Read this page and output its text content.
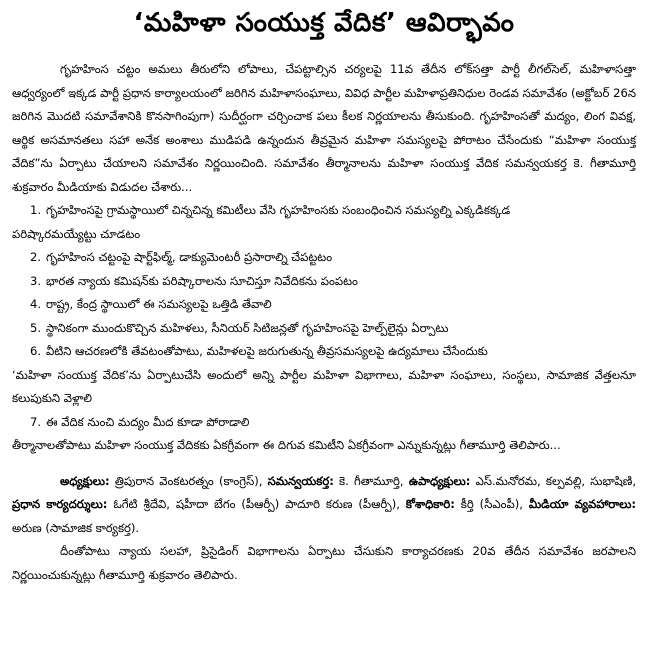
‘మహిళా సంయుక్త వేదిక’ ఆవిర్భావం

గృహహింస చట్టం అమలు తీరులోని లోపాలు, చేపట్టాల్సిన చర్యలపై 11వ తేదీన లోక్‌సత్తా పార్టీ లీగల్‌సెల్, మహిళాసత్తా ఆధ్వర్యంలో ఇక్కడ పార్టీ ప్రధాన కార్యాలయంలో జరిగిన మహిళాసంఘాలు, వివిధ పార్టీల మహిళాప్రతినిధుల రెండవ సమావేశం (అక్టోబర్ 26న జరిగిన మొదటి సమావేశానికి కొనసాగింపుగా) సుదీర్ఘంగా చర్చించాక పలు కీలక నిర్ణయాలను తీసుకుంది. గృహహింసతో మద్యం, లింగ వివక్ష, ఆర్థిక అసమానతలు సహా అనేక అంశాలు ముడిపడి ఉన్నందున తీవ్రమైన మహిళా సమస్యలపై పోరాటం చేసేందుకు “మహిళా సంయుక్త వేదిక”ను ఏర్పాటు చేయాలని సమావేశం నిర్ణయించింది. సమావేశం తీర్మానాలను మహిళా సంయుక్త వేదిక సమన్వయకర్త కె. గీతామూర్తి శుక్రవారం మీడియాకు విడుదల చేశారు...

1. గృహహింసపై గ్రామస్థాయిలో చిన్నచిన్న కమిటీలు వేసి గృహహింసకు సంబంధించిన సమస్యల్ని ఎక్కడికక్కడ
పరిష్కారమయ్యేట్టు చూడటం
2. గృహహింస చట్టంపై షార్ట్‌ఫిల్మ్, డాక్యుమెంటరీ ప్రసారాల్ని చేపట్టటం
3. భారత న్యాయ కమిషన్‌కు పరిష్కారాలను సూచిస్తూ నివేదికను పంపటం
4. రాష్ట్ర, కేంద్ర స్థాయిలో ఈ సమస్యలపై ఒత్తిడి తేవాలి
5. స్థానికంగా ముందుకొచ్చిన మహిళలు, సీనియర్ సిటిజన్లతో గృహహింసపై హెల్ప్‌లైన్లు ఏర్పాటు
6. వీటిని ఆచరణలోకి తేవటంతోపాటు, మహిళలపై జరుగుతున్న తీవ్రసమస్యలపై ఉద్యమాలు చేసేందుకు
‘మహిళా సంయుక్త వేదిక’ను ఏర్పాటుచేసి అందులో అన్ని పార్టీల మహిళా విభాగాలు, మహిళా సంఘాలు, సంస్థలు, సామాజిక వేత్తలనూ కలుపుకుని వెళ్లాలి
7. ఈ వేదిక నుంచి మద్యం మీద కూడా పోరాడాలి

తీర్మానాలతోపాటు మహిళా సంయుక్త వేదికకు ఏకగ్రీవంగా ఈ దిగువ కమిటీని ఏకగ్రీవంగా ఎన్నుకున్నట్లు గీతామూర్తి తెలిపారు...

అధ్యక్షులు: త్రిపురాన వెంకటరత్నం (కాంగ్రెస్), సమన్వయకర్త: కె. గీతామూర్తి, ఉపాధ్యక్షులు: ఎస్.మనోరమ, కల్పవల్లి, సుభాషిణి, ప్రధాన కార్యదర్శులు: ఓగేటి శ్రీదేవి, షహీదా బేగం (పీఆర్పీ) పాదూరి కరుణ (పీఆర్పీ), కోశాధికారి: కీర్తి (సీఎంపీ), మీడియా వ్యవహారాలు: అరుణ (సామాజిక కార్యకర్త).

దీంతోపాటు న్యాయ సలహా, ప్రిసైడింగ్ విభాగాలను ఏర్పాటు చేసుకుని కార్యాచరణకు 20వ తేదీన సమావేశం జరపాలని నిర్ణయించుకున్నట్లు గీతామూర్తి శుక్రవారం తెలిపారు.
